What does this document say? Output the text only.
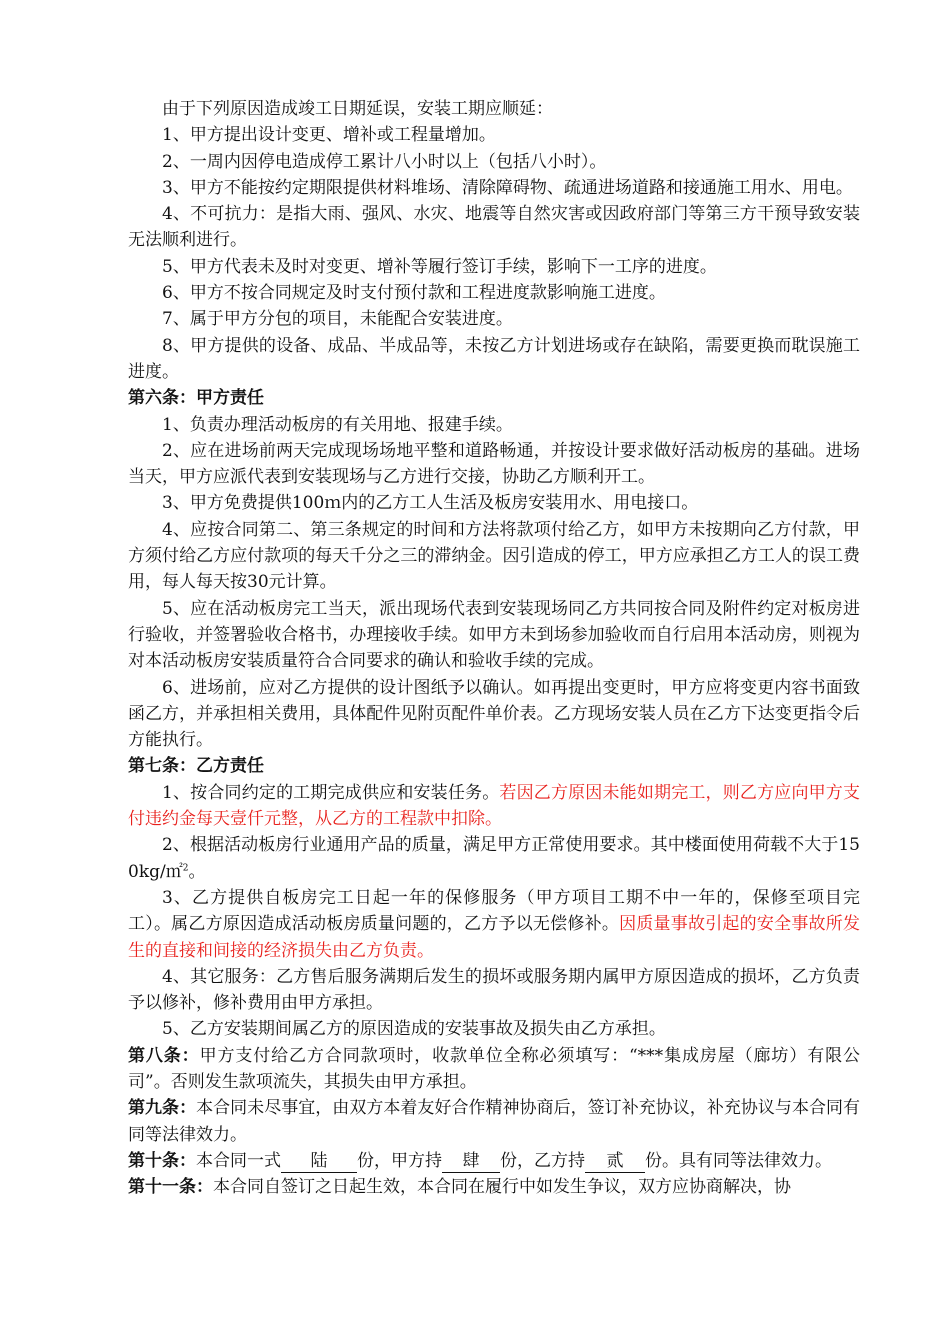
由于下列原因造成竣工日期延误，安装工期应顺延：

1、甲方提出设计变更、增补或工程量增加。

2、一周内因停电造成停工累计八小时以上（包括八小时）。

3、甲方不能按约定期限提供材料堆场、清除障碍物、疏通进场道路和接通施工用水、用电。

4、不可抗力：是指大雨、强风、水灾、地震等自然灾害或因政府部门等第三方干预导致安装无法顺利进行。

5、甲方代表未及时对变更、增补等履行签订手续，影响下一工序的进度。

6、甲方不按合同规定及时支付预付款和工程进度款影响施工进度。

7、属于甲方分包的项目，未能配合安装进度。

8、甲方提供的设备、成品、半成品等，未按乙方计划进场或存在缺陷，需要更换而耽误施工进度。

第六条：甲方责任

1、负责办理活动板房的有关用地、报建手续。

2、应在进场前两天完成现场场地平整和道路畅通，并按设计要求做好活动板房的基础。进场当天，甲方应派代表到安装现场与乙方进行交接，协助乙方顺利开工。

3、甲方免费提供100ｍ内的乙方工人生活及板房安装用水、用电接口。

4、应按合同第二、第三条规定的时间和方法将款项付给乙方，如甲方未按期向乙方付款，甲方须付给乙方应付款项的每天千分之三的滞纳金。因引造成的停工，甲方应承担乙方工人的误工费用，每人每天按30元计算。

5、应在活动板房完工当天，派出现场代表到安装现场同乙方共同按合同及附件约定对板房进行验收，并签署验收合格书，办理接收手续。如甲方未到场参加验收而自行启用本活动房，则视为对本活动板房安装质量符合合同要求的确认和验收手续的完成。

6、进场前，应对乙方提供的设计图纸予以确认。如再提出变更时，甲方应将变更内容书面致函乙方，并承担相关费用，具体配件见附页配件单价表。乙方现场安装人员在乙方下达变更指令后方能执行。

第七条：乙方责任

1、按合同约定的工期完成供应和安装任务。若因乙方原因未能如期完工，则乙方应向甲方支付违约金每天壹仟元整，从乙方的工程款中扣除。

2、根据活动板房行业通用产品的质量，满足甲方正常使用要求。其中楼面使用荷载不大于150kg/㎡$^2$。

3、乙方提供自板房完工日起一年的保修服务（甲方项目工期不中一年的，保修至项目完工）。属乙方原因造成活动板房质量问题的，乙方予以无偿修补。因质量事故引起的安全事故所发生的直接和间接的经济损失由乙方负责。

4、其它服务：乙方售后服务满期后发生的损坏或服务期内属甲方原因造成的损坏，乙方负责予以修补，修补费用由甲方承担。

5、乙方安装期间属乙方的原因造成的安装事故及损失由乙方承担。

第八条：甲方支付给乙方合同款项时，收款单位全称必须填写：“***集成房屋（廊坊）有限公司”。否则发生款项流失，其损失由甲方承担。

第九条：本合同未尽事宜，由双方本着友好合作精神协商后，签订补充协议，补充协议与本合同有同等法律效力。

第十条：本合同一式 陆 份，甲方持 肆 份，乙方持 贰 份。具有同等法律效力。

第十一条：本合同自签订之日起生效，本合同在履行中如发生争议，双方应协商解决，协
